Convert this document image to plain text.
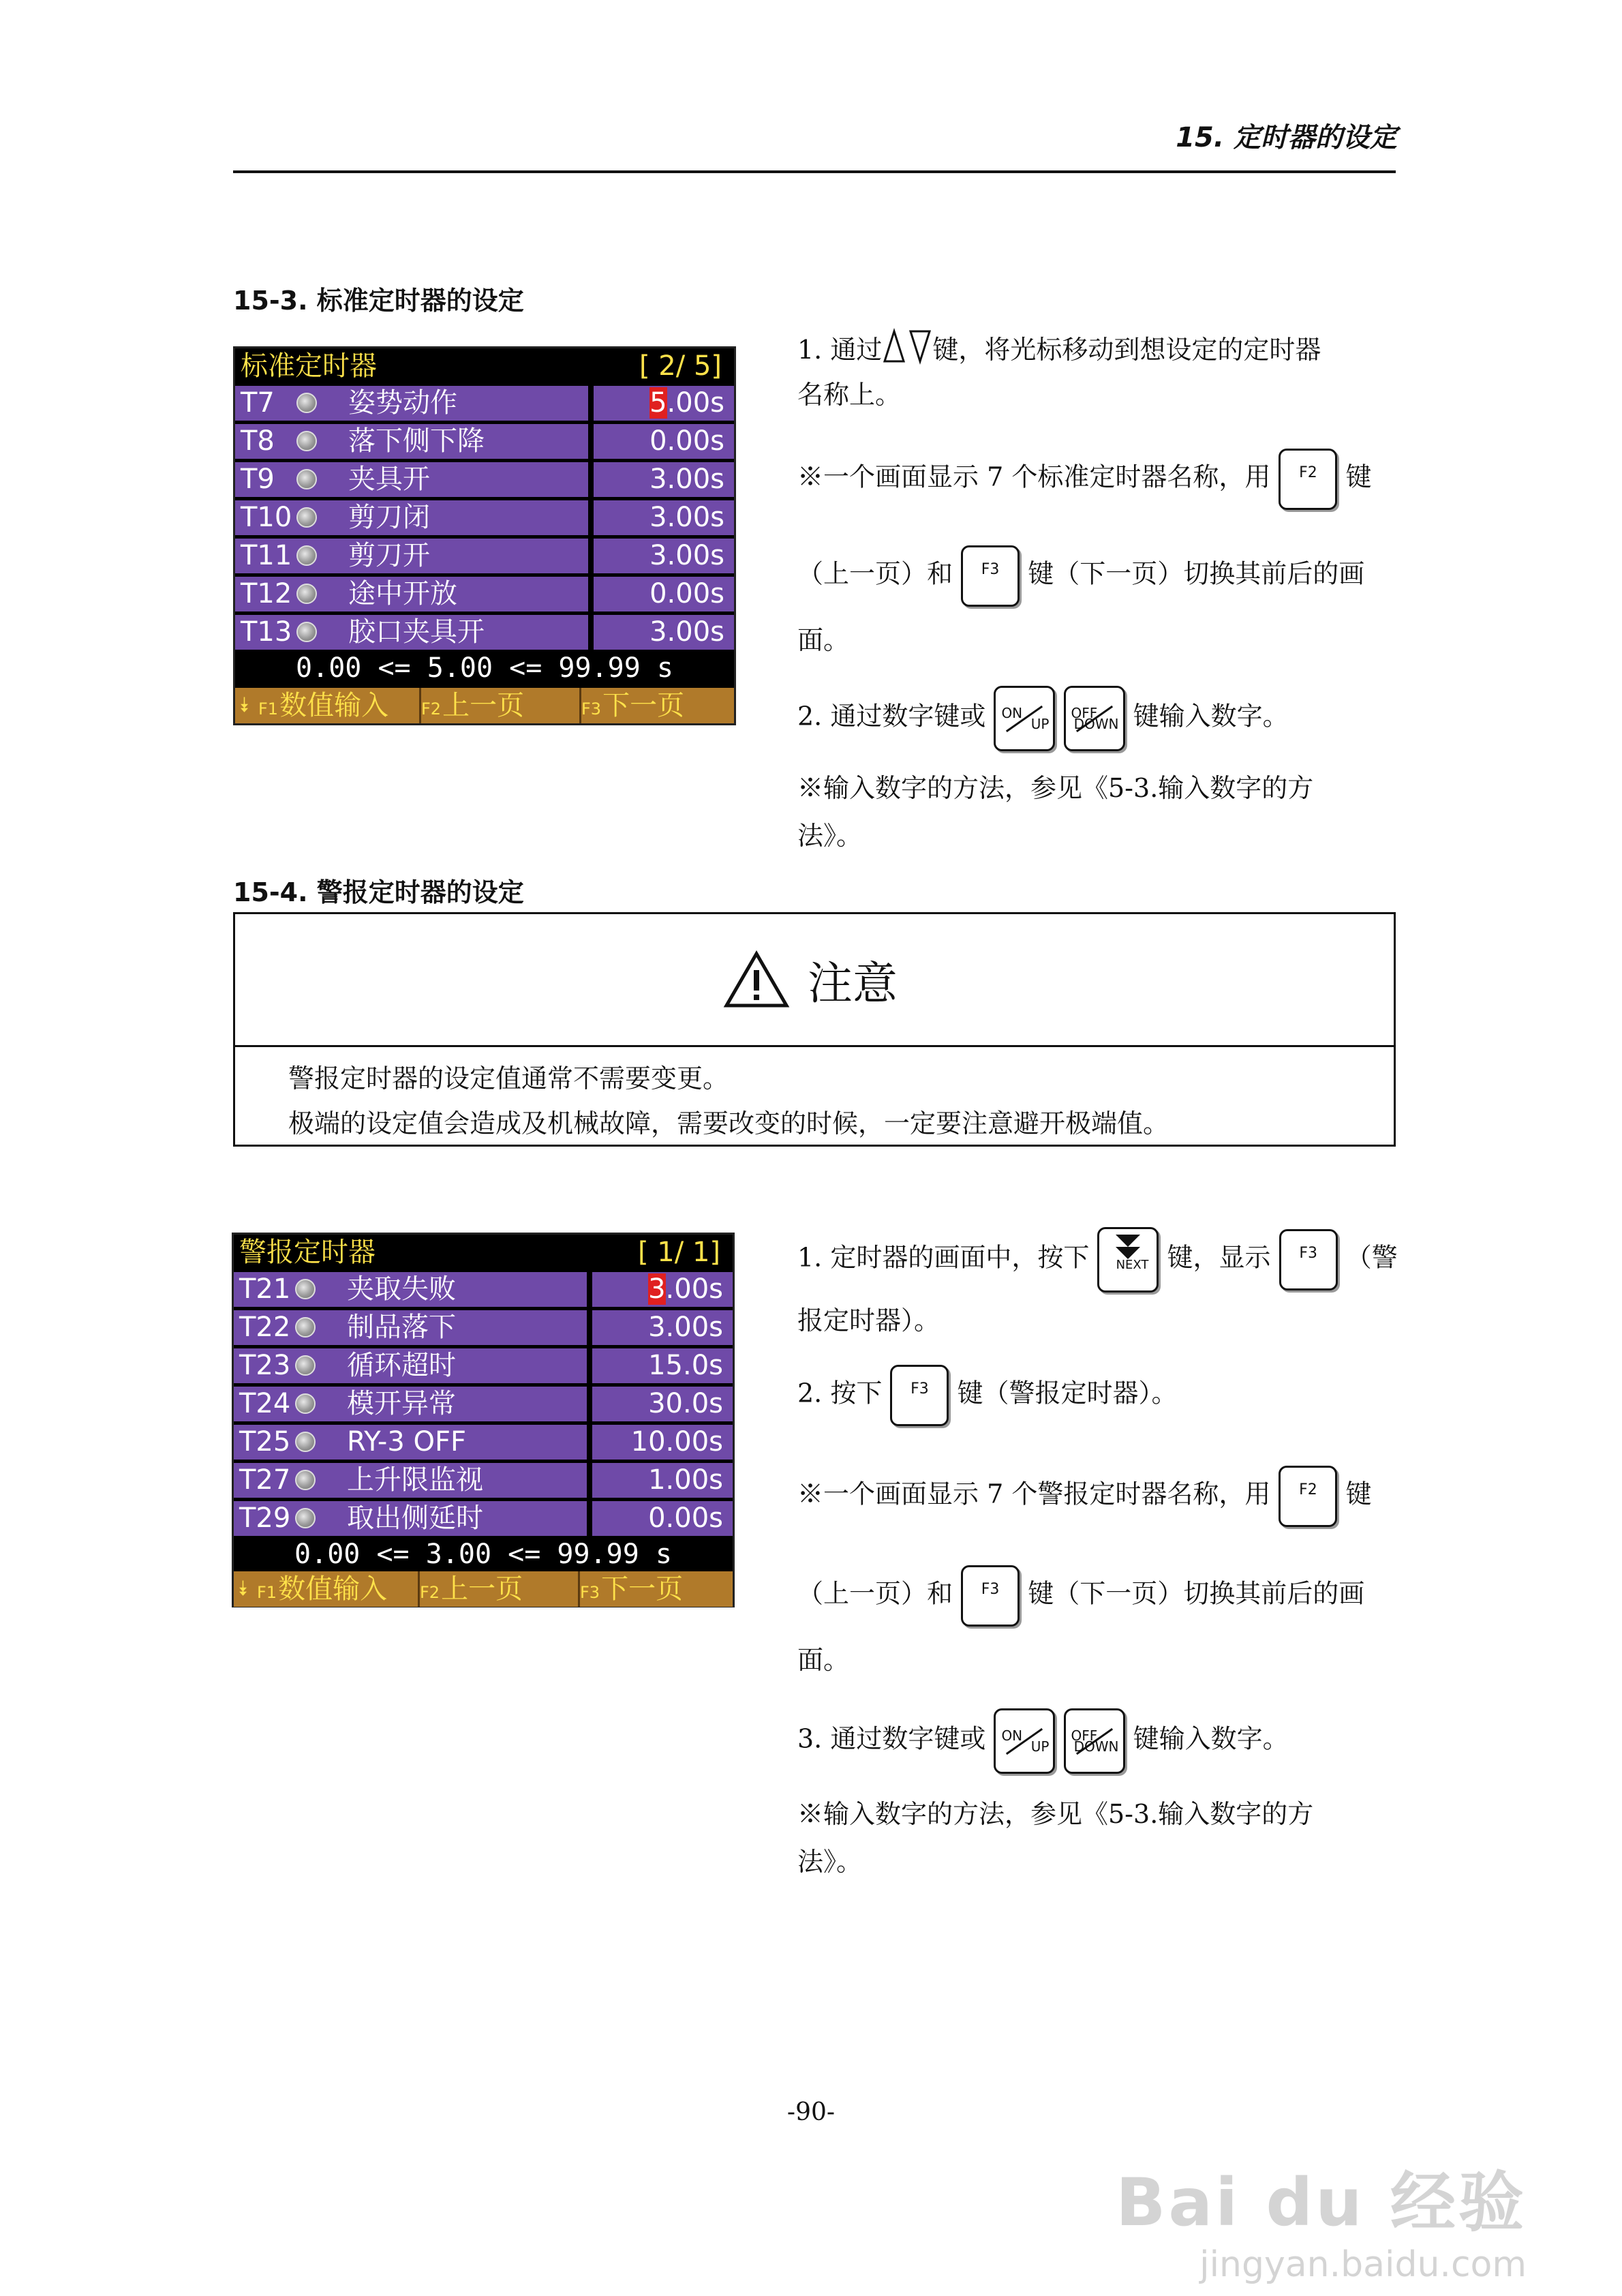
15. 定时器的设定
15-3. 标准定时器的设定
标准定时器	[ 2/ 5]
T7	姿势动作	5.00s
T8	落下侧下降	0.00s
T9	夹具开	3.00s
T10 剪刀闭	3.00s
T11 剪刀开	3.00s
T12 途中开放	0.00s
T13 胶口夹具开	3.00s
0.00 <= 5.00 <= 99.99 s
⯯ F1数值输入	F2上一页	F3下一页
1. 通过 键，将光标移动到想设定的定时器
名称上。
※一个画面显示 7 个标准定时器名称，用 F2 键
（上一页）和 F3 键（下一页）切换其前后的画
面。
2. 通过数字键或 ON
UP

OFF
DOWN 键输入数字。
※输入数字的方法，参见《5-3.输入数字的方
法》。
15-4. 警报定时器的设定
注意
警报定时器的设定值通常不需要变更。
极端的设定值会造成及机械故障，需要改变的时候，一定要注意避开极端值。
警报定时器	[ 1/ 1]
T21 夹取失败	3.00s
T22 制品落下	3.00s
T23 循环超时	15.0s
T24 模开异常	30.0s
T25 RY-3 OFF	10.00s
T27 上升限监视	1.00s
T29 取出侧延时	0.00s
0.00 <= 3.00 <= 99.99 s
⯯ F1数值输入	F2上一页	F3下一页
1. 定时器的画面中，按下 NEXT 键，显示 F3 （警
报定时器）。
2. 按下 F3 键（警报定时器）。
※一个画面显示 7 个警报定时器名称，用 F2 键
（上一页）和 F3 键（下一页）切换其前后的画
面。
3. 通过数字键或 ON
UP

OFF
DOWN 键输入数字。
※输入数字的方法，参见《5-3.输入数字的方
法》。
-90-
Bai du 经验
jingyan.baidu.com
